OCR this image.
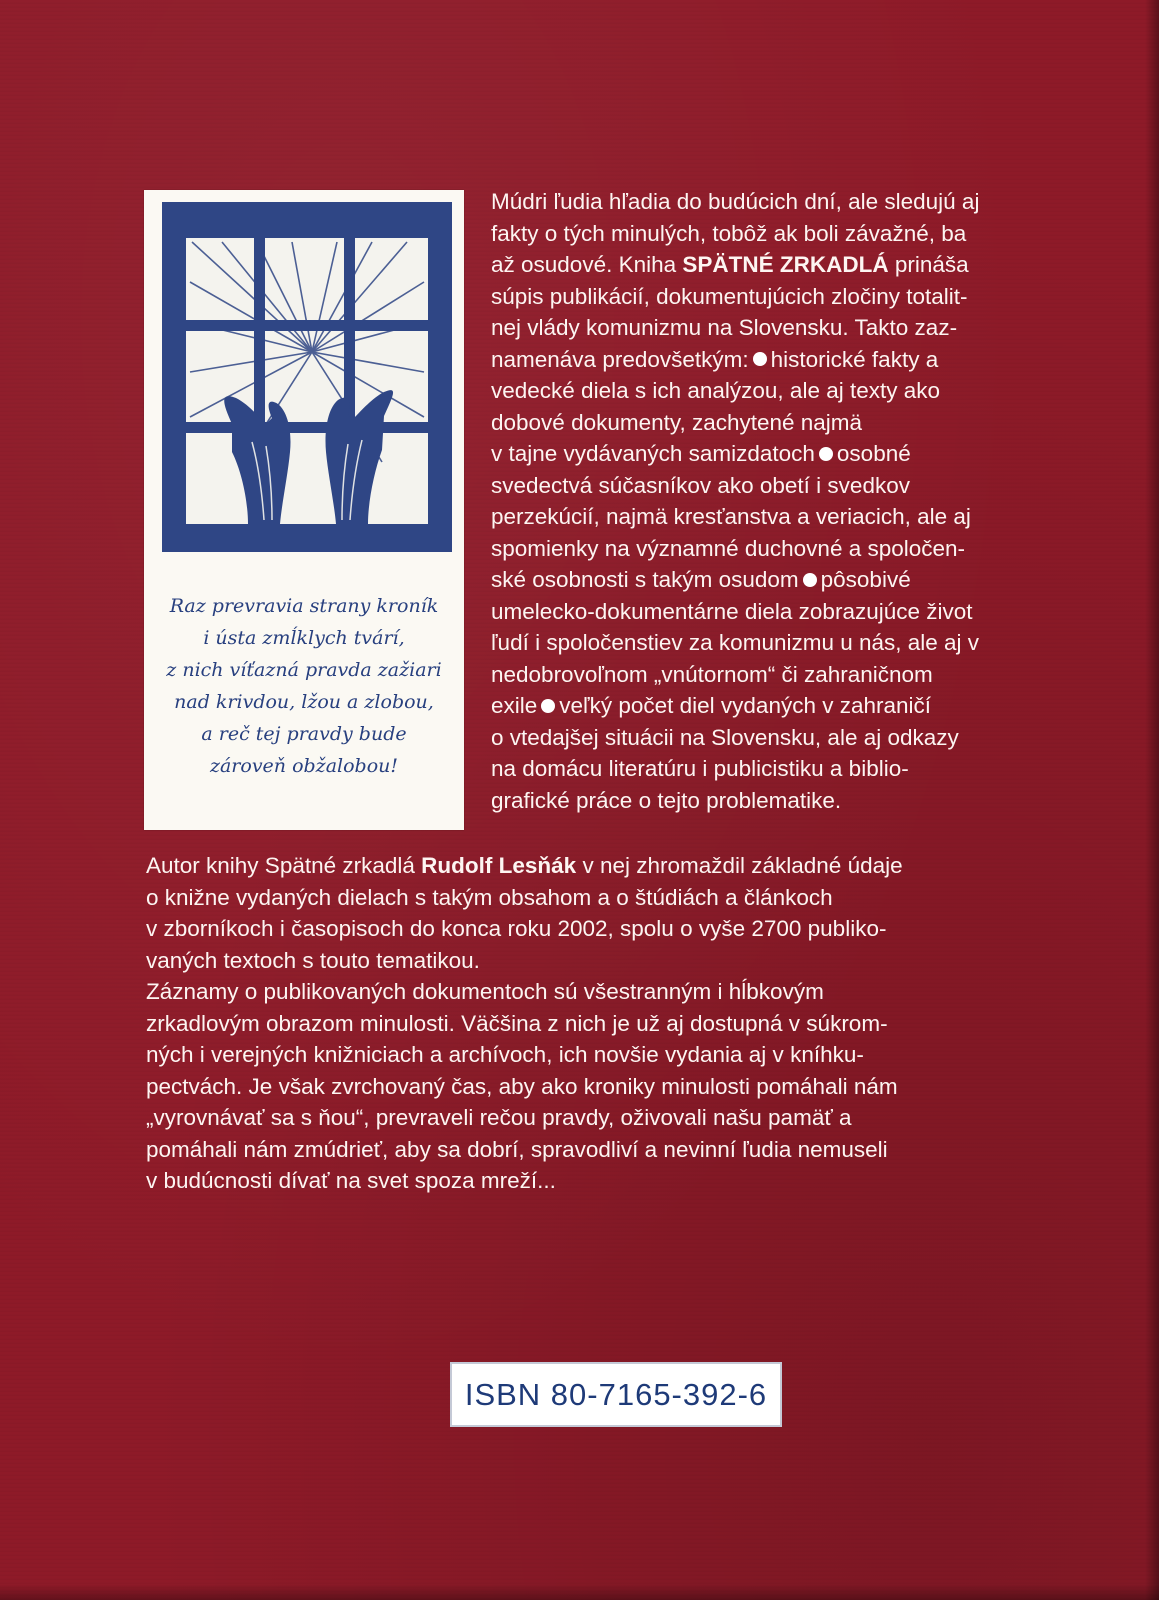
Raz prevravia strany kroník
i ústa zmĺklych tvárí,
z nich víťazná pravda zažiari
nad krivdou, lžou a zlobou,
a reč tej pravdy bude
zároveň obžalobou!
Múdri ľudia hľadia do budúcich dní, ale sledujú aj
fakty o tých minulých, tobôž ak boli závažné, ba
až osudové. Kniha SPÄTNÉ ZRKADLÁ prináša
súpis publikácií, dokumentujúcich zločiny totalit-
nej vlády komunizmu na Slovensku. Takto zaz-
namenáva predovšetkým: historické fakty a
vedecké diela s ich analýzou, ale aj texty ako
dobové dokumenty, zachytené najmä
v tajne vydávaných samizdatoch osobné
svedectvá súčasníkov ako obetí i svedkov
perzekúcií, najmä kresťanstva a veriacich, ale aj
spomienky na významné duchovné a spoločen-
ské osobnosti s takým osudom pôsobivé
umelecko-dokumentárne diela zobrazujúce život
ľudí i spoločenstiev za komunizmu u nás, ale aj v
nedobrovoľnom „vnútornom“ či zahraničnom
exile veľký počet diel vydaných v zahraničí
o vtedajšej situácii na Slovensku, ale aj odkazy
na domácu literatúru i publicistiku a biblio-
grafické práce o tejto problematike.
Autor knihy Spätné zrkadlá Rudolf Lesňák v nej zhromaždil základné údaje
o knižne vydaných dielach s takým obsahom a o štúdiách a článkoch
v zborníkoch i časopisoch do konca roku 2002, spolu o vyše 2700 publiko-
vaných textoch s touto tematikou.
Záznamy o publikovaných dokumentoch sú všestranným i hĺbkovým
zrkadlovým obrazom minulosti. Väčšina z nich je už aj dostupná v súkrom-
ných i verejných knižniciach a archívoch, ich novšie vydania aj v kníhku-
pectvách. Je však zvrchovaný čas, aby ako kroniky minulosti pomáhali nám
„vyrovnávať sa s ňou“, prevraveli rečou pravdy, oživovali našu pamäť a
pomáhali nám zmúdrieť, aby sa dobrí, spravodliví a nevinní ľudia nemuseli
v budúcnosti dívať na svet spoza mreží...
ISBN 80-7165-392-6
